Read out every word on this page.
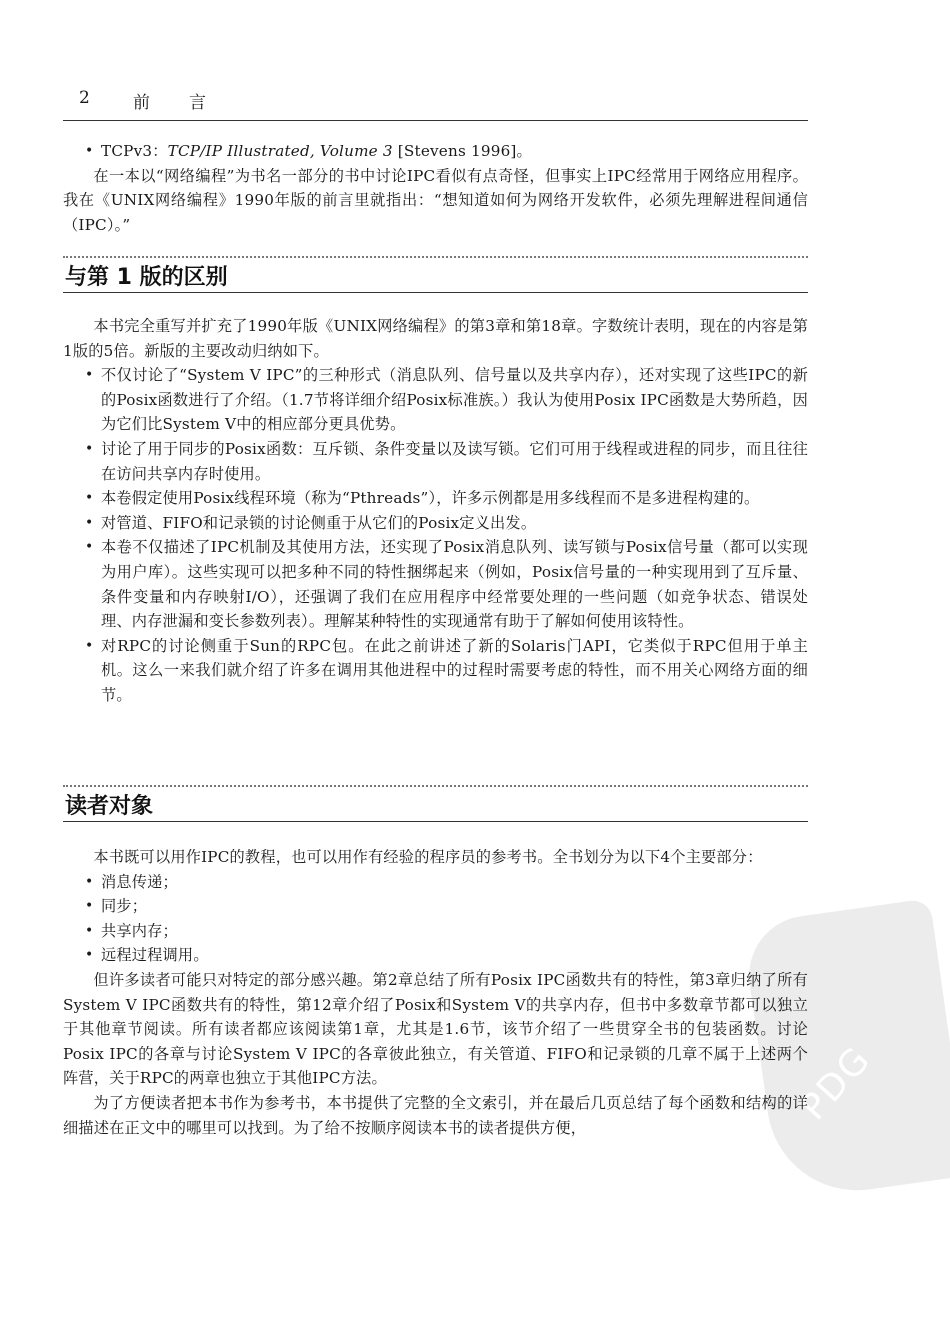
PDG
2	前 言

• TCPv3：TCP/IP Illustrated, Volume 3 [Stevens 1996]。

在一本以“网络编程”为书名一部分的书中讨论IPC看似有点奇怪，但事实上IPC经常用于网络应用程序。我在《UNIX网络编程》1990年版的前言里就指出：“想知道如何为网络开发软件，必须先理解进程间通信（IPC）。”

与第 1 版的区别

本书完全重写并扩充了1990年版《UNIX网络编程》的第3章和第18章。字数统计表明，现在的内容是第1版的5倍。新版的主要改动归纳如下。

• 不仅讨论了“System V IPC”的三种形式（消息队列、信号量以及共享内存），还对实现了这些IPC的新的Posix函数进行了介绍。（1.7节将详细介绍Posix标准族。）我认为使用Posix IPC函数是大势所趋，因为它们比System V中的相应部分更具优势。

• 讨论了用于同步的Posix函数：互斥锁、条件变量以及读写锁。它们可用于线程或进程的同步，而且往往在访问共享内存时使用。

• 本卷假定使用Posix线程环境（称为“Pthreads”），许多示例都是用多线程而不是多进程构建的。

• 对管道、FIFO和记录锁的讨论侧重于从它们的Posix定义出发。

• 本卷不仅描述了IPC机制及其使用方法，还实现了Posix消息队列、读写锁与Posix信号量（都可以实现为用户库）。这些实现可以把多种不同的特性捆绑起来（例如，Posix信号量的一种实现用到了互斥量、条件变量和内存映射I/O），还强调了我们在应用程序中经常要处理的一些问题（如竞争状态、错误处理、内存泄漏和变长参数列表）。理解某种特性的实现通常有助于了解如何使用该特性。

• 对RPC的讨论侧重于Sun的RPC包。在此之前讲述了新的Solaris门API，它类似于RPC但用于单主机。这么一来我们就介绍了许多在调用其他进程中的过程时需要考虑的特性，而不用关心网络方面的细节。

读者对象

本书既可以用作IPC的教程，也可以用作有经验的程序员的参考书。全书划分为以下4个主要部分：

• 消息传递；

• 同步；

• 共享内存；

• 远程过程调用。

但许多读者可能只对特定的部分感兴趣。第2章总结了所有Posix IPC函数共有的特性，第3章归纳了所有System V IPC函数共有的特性，第12章介绍了Posix和System V的共享内存，但书中多数章节都可以独立于其他章节阅读。所有读者都应该阅读第1章，尤其是1.6节，该节介绍了一些贯穿全书的包装函数。讨论Posix IPC的各章与讨论System V IPC的各章彼此独立，有关管道、FIFO和记录锁的几章不属于上述两个阵营，关于RPC的两章也独立于其他IPC方法。

为了方便读者把本书作为参考书，本书提供了完整的全文索引，并在最后几页总结了每个函数和结构的详细描述在正文中的哪里可以找到。为了给不按顺序阅读本书的读者提供方便，
